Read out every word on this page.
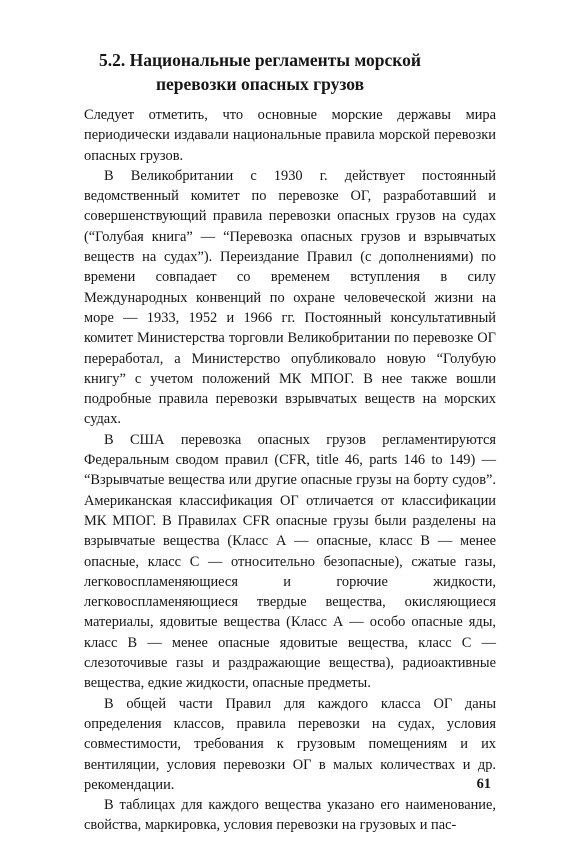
5.2. Национальные регламенты морской
перевозки опасных грузов

Следует отметить, что основные морские державы мира периодически издавали национальные правила морской перевозки опасных грузов.

В Великобритании с 1930 г. действует постоянный ведомственный комитет по перевозке ОГ, разработавший и совершенствующий правила перевозки опасных грузов на судах (“Голубая книга” — “Перевозка опасных грузов и взрывчатых веществ на судах”). Переиздание Правил (с дополнениями) по времени совпадает со временем вступления в силу Международных конвенций по охране человеческой жизни на море — 1933, 1952 и 1966 гг. Постоянный консультативный комитет Министерства торговли Великобритании по перевозке ОГ переработал, а Министерство опубликовало новую “Голубую книгу” с учетом положений МК МПОГ. В нее также вошли подробные правила перевозки взрывчатых веществ на морских судах.

В США перевозка опасных грузов регламентируются Федеральным сводом правил (CFR, title 46, parts 146 to 149) — “Взрывчатые вещества или другие опасные грузы на борту судов”. Американская классификация ОГ отличается от классификации МК МПОГ. В Правилах CFR опасные грузы были разделены на взрывчатые вещества (Класс А — опасные, класс В — менее опасные, класс С — относительно безопасные), сжатые газы, легковоспламеняющиеся и горючие жидкости, легковоспламеняющиеся твердые вещества, окисляющиеся материалы, ядовитые вещества (Класс А — особо опасные яды, класс В — менее опасные ядовитые вещества, класс С — слезоточивые газы и раздражающие вещества), радиоактивные вещества, едкие жидкости, опасные предметы.

В общей части Правил для каждого класса ОГ даны определения классов, правила перевозки на судах, условия совместимости, требования к грузовым помещениям и их вентиляции, условия перевозки ОГ в малых количествах и др. рекомендации.

В таблицах для каждого вещества указано его наименование, свойства, маркировка, условия перевозки на грузовых и пас-

61
